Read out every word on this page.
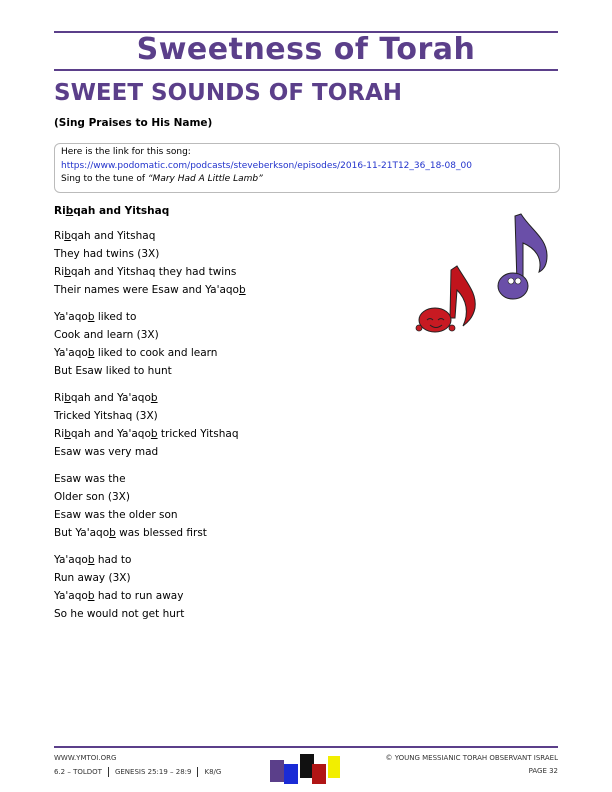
Sweetness of Torah
SWEET SOUNDS OF TORAH
(Sing Praises to His Name)
Here is the link for this song:
https://www.podomatic.com/podcasts/steveberkson/episodes/2016-11-21T12_36_18-08_00
Sing to the tune of “Mary Had A Little Lamb”
Ribqah and Yitshaq
Ribqah and Yitshaq
They had twins (3X)
Ribqah and Yitshaq they had twins
Their names were Esaw and Ya'aqob
Ya'aqob liked to
Cook and learn (3X)
Ya'aqob liked to cook and learn
But Esaw liked to hunt
Ribqah and Ya'aqob
Tricked Yitshaq (3X)
Ribqah and Ya'aqob tricked Yitshaq
Esaw was very mad
Esaw was the
Older son (3X)
Esaw was the older son
But Ya'aqob was blessed first
Ya'aqob had to
Run away (3X)
Ya'aqob had to run away
So he would not get hurt
WWW.YMTOI.ORG
6.2 – TOLDOT GENESIS 25:19 – 28:9 K8/G
© YOUNG MESSIANIC TORAH OBSERVANT ISRAEL
PAGE 32
